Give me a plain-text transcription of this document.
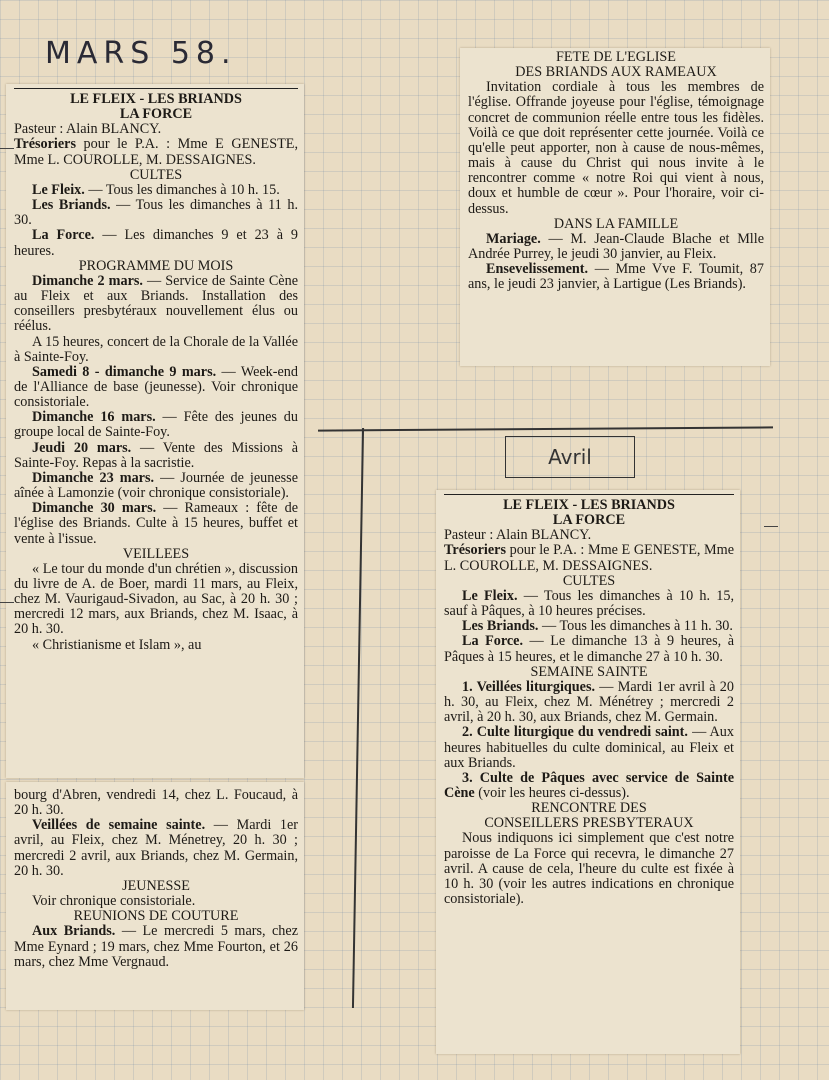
MARS 58.

LE FLEIX - LES BRIANDS

LA FORCE

Pasteur : Alain BLANCY.

Trésoriers pour le P.A. : Mme E GENESTE, Mme L. COUROLLE, M. DESSAIGNES.

CULTES

Le Fleix. — Tous les dimanches à 10 h. 15.

Les Briands. — Tous les dimanches à 11 h. 30.

La Force. — Les dimanches 9 et 23 à 9 heures.

PROGRAMME DU MOIS

Dimanche 2 mars. — Service de Sainte Cène au Fleix et aux Briands. Installation des conseillers presbytéraux nouvellement élus ou réélus.

A 15 heures, concert de la Chorale de la Vallée à Sainte-Foy.

Samedi 8 - dimanche 9 mars. — Week-end de l'Alliance de base (jeunesse). Voir chronique consistoriale.

Dimanche 16 mars. — Fête des jeunes du groupe local de Sainte-Foy.

Jeudi 20 mars. — Vente des Missions à Sainte-Foy. Repas à la sacristie.

Dimanche 23 mars. — Journée de jeunesse aînée à Lamonzie (voir chronique consistoriale).

Dimanche 30 mars. — Rameaux : fête de l'église des Briands. Culte à 15 heures, buffet et vente à l'issue.

VEILLEES

« Le tour du monde d'un chrétien », discussion du livre de A. de Boer, mardi 11 mars, au Fleix, chez M. Vaurigaud-Sivadon, au Sac, à 20 h. 30 ; mercredi 12 mars, aux Briands, chez M. Isaac, à 20 h. 30.

« Christianisme et Islam », au

bourg d'Abren, vendredi 14, chez L. Foucaud, à 20 h. 30.

Veillées de semaine sainte. — Mardi 1er avril, au Fleix, chez M. Ménetrey, 20 h. 30 ; mercredi 2 avril, aux Briands, chez M. Germain, 20 h. 30.

JEUNESSE

Voir chronique consistoriale.

REUNIONS DE COUTURE

Aux Briands. — Le mercredi 5 mars, chez Mme Eynard ; 19 mars, chez Mme Fourton, et 26 mars, chez Mme Vergnaud.

FETE DE L'EGLISE

DES BRIANDS AUX RAMEAUX

Invitation cordiale à tous les membres de l'église. Offrande joyeuse pour l'église, témoignage concret de communion réelle entre tous les fidèles. Voilà ce que doit représenter cette journée. Voilà ce qu'elle peut apporter, non à cause de nous-mêmes, mais à cause du Christ qui nous invite à le rencontrer comme « notre Roi qui vient à nous, doux et humble de cœur ». Pour l'horaire, voir ci-dessus.

DANS LA FAMILLE

Mariage. — M. Jean-Claude Blache et Mlle Andrée Purrey, le jeudi 30 janvier, au Fleix.

Ensevelissement. — Mme Vve F. Toumit, 87 ans, le jeudi 23 janvier, à Lartigue (Les Briands).

Avril

LE FLEIX - LES BRIANDS

LA FORCE

Pasteur : Alain BLANCY.

Trésoriers pour le P.A. : Mme E GENESTE, Mme L. COUROLLE, M. DESSAIGNES.

CULTES

Le Fleix. — Tous les dimanches à 10 h. 15, sauf à Pâques, à 10 heures précises.

Les Briands. — Tous les dimanches à 11 h. 30.

La Force. — Le dimanche 13 à 9 heures, à Pâques à 15 heures, et le dimanche 27 à 10 h. 30.

SEMAINE SAINTE

1. Veillées liturgiques. — Mardi 1er avril à 20 h. 30, au Fleix, chez M. Ménétrey ; mercredi 2 avril, à 20 h. 30, aux Briands, chez M. Germain.

2. Culte liturgique du vendredi saint. — Aux heures habituelles du culte dominical, au Fleix et aux Briands.

3. Culte de Pâques avec service de Sainte Cène (voir les heures ci-dessus).

RENCONTRE DES

CONSEILLERS PRESBYTERAUX

Nous indiquons ici simplement que c'est notre paroisse de La Force qui recevra, le dimanche 27 avril. A cause de cela, l'heure du culte est fixée à 10 h. 30 (voir les autres indications en chronique consistoriale).
